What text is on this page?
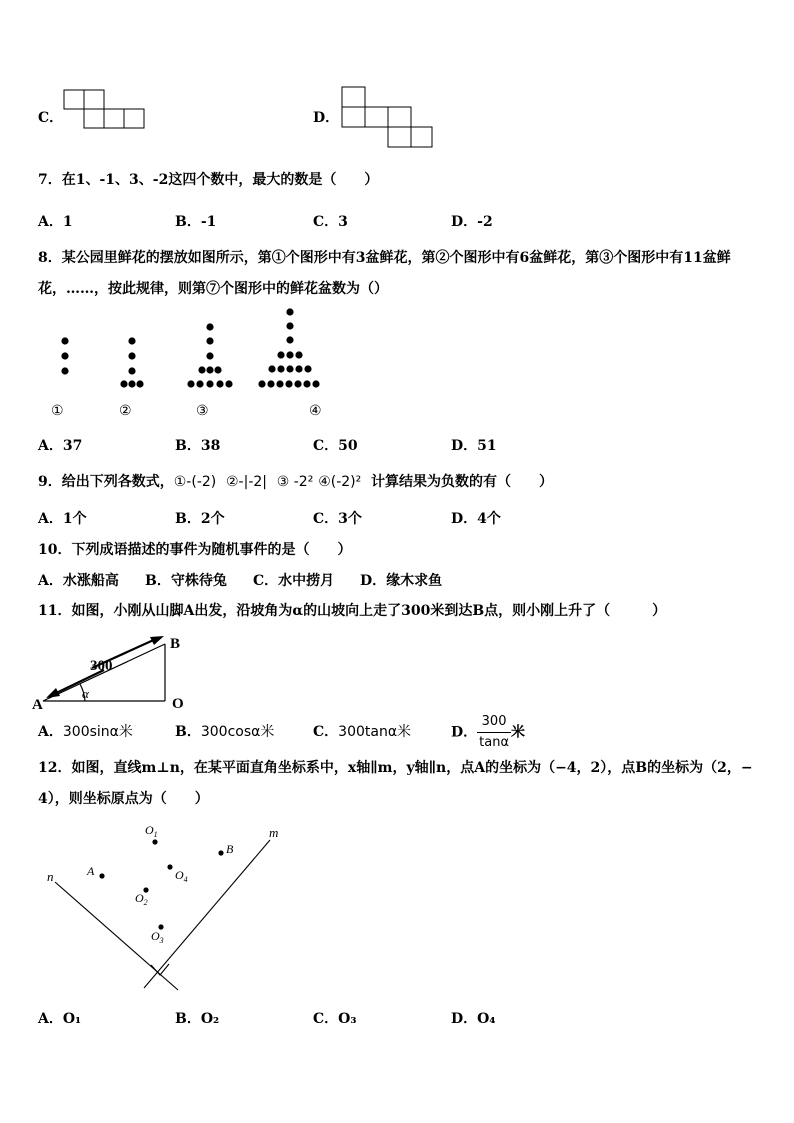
C．	D．
7．在1、-1、3、-2这四个数中，最大的数是（　　）
A．1	B．-1	C．3	D．-2
8．某公园里鲜花的摆放如图所示，第①个图形中有3盆鲜花，第②个图形中有6盆鲜花，第③个图形中有11盆鲜
花，……，按此规律，则第⑦个图形中的鲜花盆数为（）
①	②	③	④
A．37	B．38	C．50	D．51
9．给出下列各数式，①-(-2) ②-|-2| ③ -2² ④(-2)² 计算结果为负数的有（　　）
A．1个	B．2个	C．3个	D．4个
10．下列成语描述的事件为随机事件的是（　　）
A．水涨船高 B．守株待兔 C．水中捞月 D．缘木求鱼
11．如图，小刚从山脚A出发，沿坡角为α的山坡向上走了300米到达B点，则小刚上升了（　　　）
300
A
B
O
α
A．300sinα米	B．300cosα米	C．300tanα米	D． $\frac{300}{\tan\alpha}$ 米
12．如图，直线m⊥n，在某平面直角坐标系中，x轴∥m，y轴∥n，点A的坐标为（−4，2），点B的坐标为（2，−
4），则坐标原点为（　　）
m
n	A
B
$O_1$
$O_4$
$O_2$
$O_3$
A．O₁	B．O₂	C．O₃	D．O₄
